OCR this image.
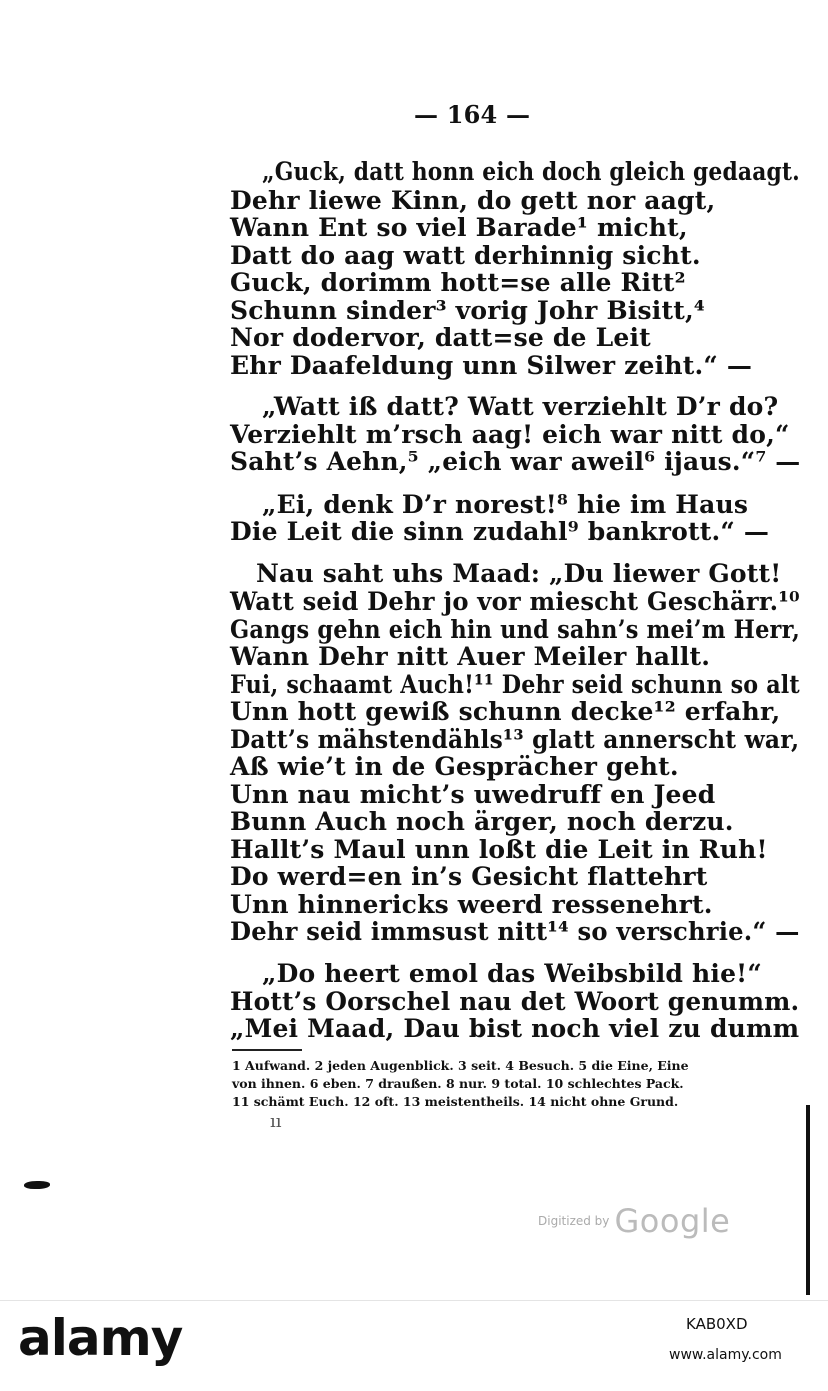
— 164 —
„Guck, datt honn eich doch gleich gedaagt.
Dehr liewe Kinn, do gett nor aagt,
Wann Ent so viel Barade¹ micht,
Datt do aag watt derhinnig sicht.
Guck, dorimm hott=se alle Ritt²
Schunn sinder³ vorig Johr Bisitt,⁴
Nor dodervor, datt=se de Leit
Ehr Daafeldung unn Silwer zeiht.“ —
„Watt iß datt? Watt verziehlt D’r do?
Verziehlt m’rsch aag! eich war nitt do,“
Saht’s Aehn,⁵ „eich war aweil⁶ ijaus.“⁷ —
„Ei, denk D’r norest!⁸ hie im Haus
Die Leit die sinn zudahl⁹ bankrott.“ —
Nau saht uhs Maad: „Du liewer Gott!
Watt seid Dehr jo vor miescht Geschärr.¹⁰
Gangs gehn eich hin und sahn’s mei’m Herr,
Wann Dehr nitt Auer Meiler hallt.
Fui, schaamt Auch!¹¹ Dehr seid schunn so alt
Unn hott gewiß schunn decke¹² erfahr,
Datt’s mähstendähls¹³ glatt annerscht war,
Aß wie’t in de Gesprächer geht.
Unn nau micht’s uwedruff en Jeed
Bunn Auch noch ärger, noch derzu.
Hallt’s Maul unn loßt die Leit in Ruh!
Do werd=en in’s Gesicht flattehrt
Unn hinnericks weerd ressenehrt.
Dehr seid immsust nitt¹⁴ so verschrie.“ —
„Do heert emol das Weibsbild hie!“
Hott’s Oorschel nau det Woort genumm.
„Mei Maad, Dau bist noch viel zu dumm
1 Aufwand. 2 jeden Augenblick. 3 seit. 4 Besuch. 5 die Eine, Eine
von ihnen. 6 eben. 7 draußen. 8 nur. 9 total. 10 schlechtes Pack.
11 schämt Euch. 12 oft. 13 meistentheils. 14 nicht ohne Grund.
ıı
Digitized by Google
alamy	KAB0XD
www.alamy.com
